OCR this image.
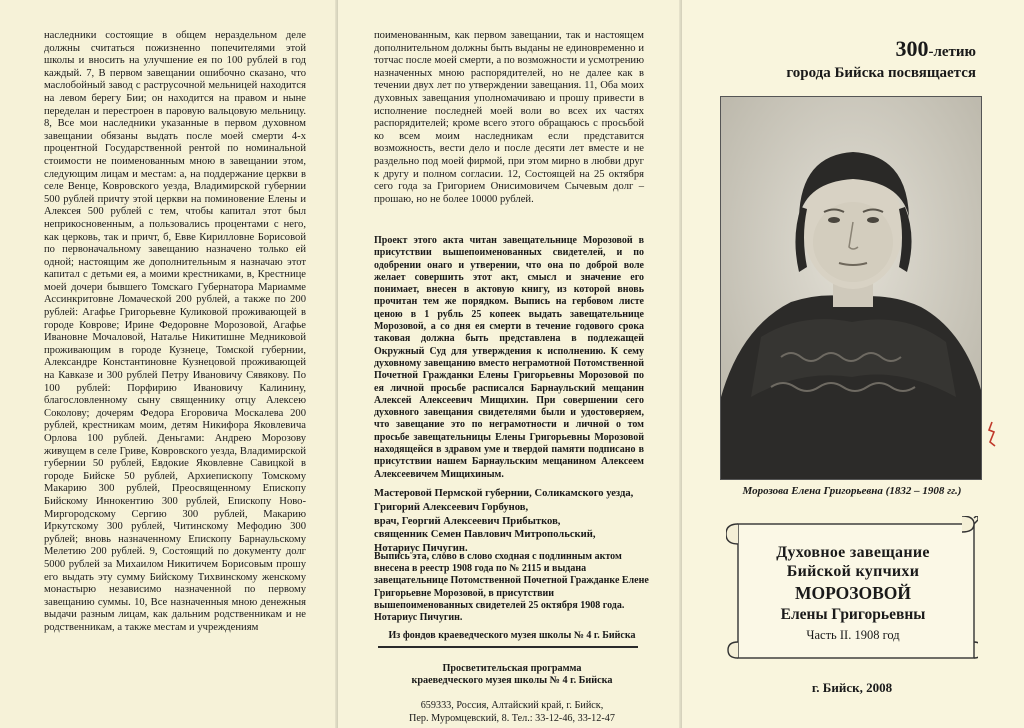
наследники состоящие в общем нераздельном деле должны считаться пожизненно попечителями этой школы и вносить на улучшение ея по 100 рублей в год каждый. 7, В первом завещании ошибочно сказано, что маслобойный завод с раструсочной мельницей находится на левом берегу Бии; он находится на правом и ныне переделан и перестроен в паровую вальцовую мельницу. 8, Все мои наследники указанные в первом духовном завещании обязаны выдать после моей смерти 4-х процентной Государственной рентой по номинальной стоимости не поименованным мною в завещании этом, следующим лицам и местам: а, на поддержание церкви в селе Венце, Ковровского уезда, Владимирской губернии 500 рублей причту этой церкви на поминовение Елены и Алексея 500 рублей с тем, чтобы капитал этот был неприкосновенным, а пользовались процентами с него, как церковь, так и причт, б, Евве Кирилловне Борисовой по первоначальному завещанию назначено только ей одной; настоящим же дополнительным я назначаю этот капитал с детьми ея, а моими крестниками, в, Крестнице моей дочери бывшего Томскаго Губернатора Мариамме Ассинкритовне Ломаческой 200 рублей, а также по 200 рублей: Агафье Григорьевне Куликовой проживающей в городе Коврове; Ирине Федоровне Морозовой, Агафье Ивановне Мочаловой, Наталье Никитишне Медниковой проживающим в городе Кузнеце, Томской губернии, Александре Константиновне Кузнецовой проживающей на Кавказе и 300 рублей Петру Ивановичу Сявякову. По 100 рублей: Порфирию Ивановичу Калинину, благословленному сыну священнику отцу Алексею Соколову; дочерям Федора Егоровича Москалева 200 рублей, крестникам моим, детям Никифора Яковлевича Орлова 100 рублей. Деньгами: Андрею Морозову живущем в селе Гриве, Ковровского уезда, Владимирской губернии 50 рублей, Евдокие Яковлевне Савицкой в городе Бийске 50 рублей, Архиепископу Томскому Макарию 300 рублей, Преосвященному Епископу Бийскому Иннокентию 300 рублей, Епископу Ново-Миргородскому Сергию 300 рублей, Макарию Иркутскому 300 рублей, Читинскому Мефодию 300 рублей; вновь назначенному Епископу Барнаульскому Мелетию 200 рублей. 9, Состоящий по документу долг 5000 рублей за Михаилом Никитичем Борисовым прошу его выдать эту сумму Бийскому Тихвинскому женскому монастырю независимо назначенной по первому завещанию суммы. 10, Все назначенныя мною денежныя выдачи разным лицам, как дальним родственникам и не родственникам, а также местам и учреждениям
поименованным, как первом завещании, так и настоящем дополнительном должны быть выданы не единовременно и тотчас после моей смерти, а по возможности и усмотрению назначенных мною распорядителей, но не далее как в течении двух лет по утверждении завещания. 11, Оба моих духовных завещания уполномачиваю и прошу привести в исполнение последней моей воли во всех их частях распорядителей; кроме всего этого обращаюсь с просьбой ко всем моим наследникам если представится возможность, вести дело и после десяти лет вместе и не раздельно под моей фирмой, при этом мирно в любви друг к другу и полном согласии. 12, Состоящей на 25 октября сего года за Григорием Онисимовичем Сычевым долг – прошаю, но не более 10000 рублей.
Проект этого акта читан завещательнице Морозовой в присутствии вышепоименованных свидетелей, и по одобрении онаго и утверении, что она по доброй воле желает совершить этот акт, смысл и значение его понимает, внесен в актовую книгу, из которой вновь прочитан тем же порядком. Выпись на гербовом листе ценою в 1 рубль 25 копеек выдать завещательнице Морозовой, а со дня ея смерти в течение годового срока таковая должна быть представлена в подлежащей Окружный Суд для утверждения к исполнению. К сему духовному завещанию вместо неграмотной Потомственной Почетной Гражданки Елены Григорьевны Морозовой по ея личной просьбе расписался Барнаульский мещанин Алексей Алексеевич Мищихин. При совершении сего духовного завещания свидетелями были и удостоверяем, что завещание это по неграмотности и личной о том просьбе завещательницы Елены Григорьевны Морозовой находящейся в здравом уме и твердой памяти подписано в присутствии нашем Барнаульским мещанином Алексеем Алексеевичем Мищихиным.
Мастеровой Пермской губернии, Соликамского уезда, Григорий Алексеевич Горбунов,
врач, Георгий Алексеевич Прибытков,
священник Семен Павлович Митропольский,
Нотариус Пичугин.
Выпись эта, слово в слово сходная с подлинным актом внесена в реестр 1908 года по № 2115 и выдана завещательнице Потомственной Почетной Гражданке Елене Григорьевне Морозовой, в присутствии вышепоименованных свидетелей 25 октября 1908 года.
Нотариус Пичугин.
Из фондов краеведческого музея школы № 4 г. Бийска

Просветительская программа
краеведческого музея школы № 4 г. Бийска

659333, Россия, Алтайский край, г. Бийск,
Пер. Муромцевский, 8. Тел.: 33-12-46, 33-12-47

300-летию
города Бийска посвящается
Морозова Елена Григорьевна (1832 – 1908 гг.)
Духовное завещание
Бийской купчихи
МОРОЗОВОЙ
Елены Григорьевны
Часть II. 1908 год
г. Бийск, 2008
